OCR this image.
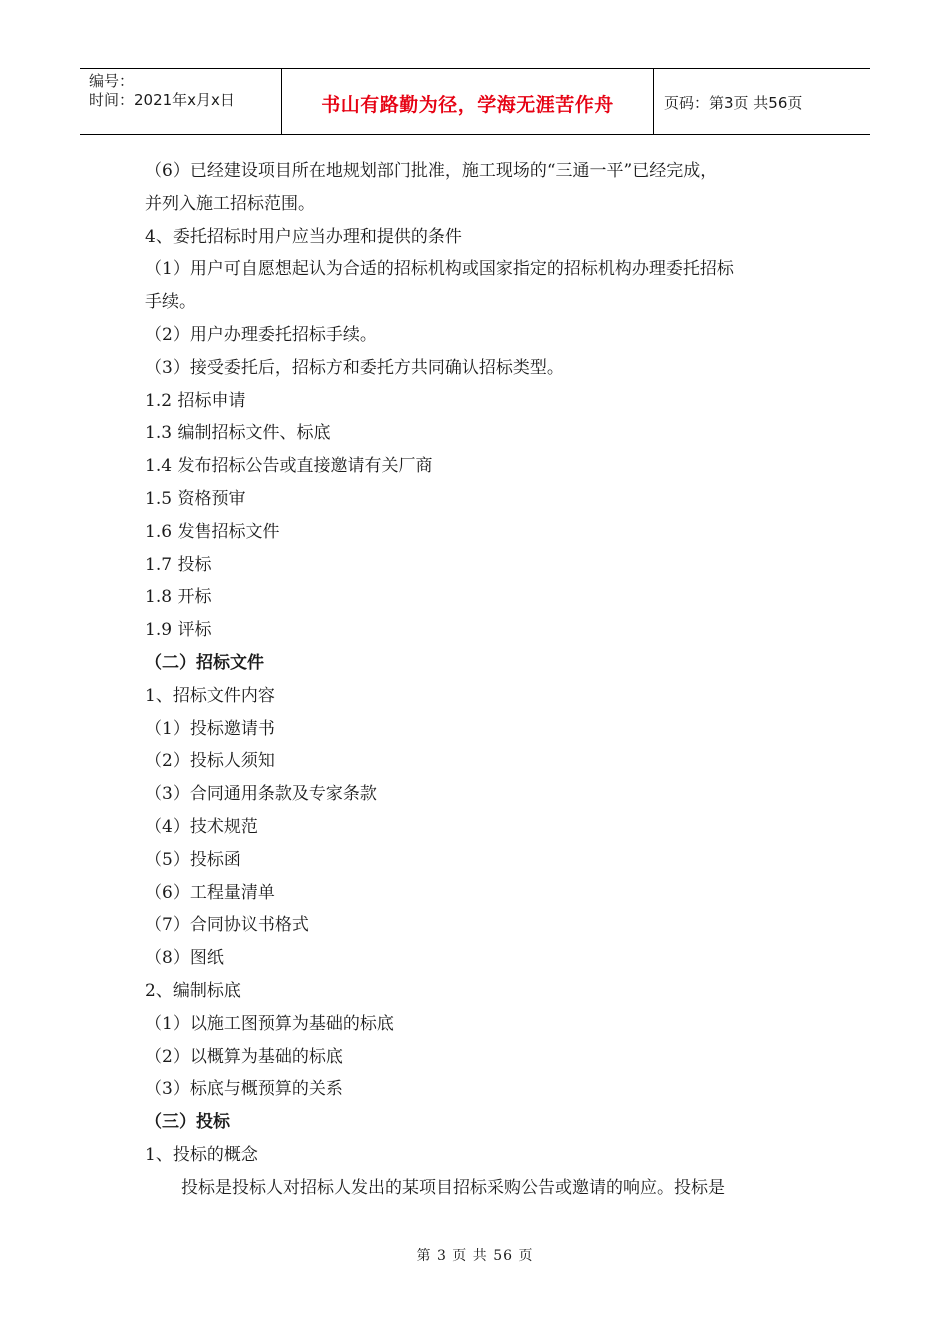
编号：
时间：2021年x月x日	书山有路勤为径，学海无涯苦作舟	页码：第3页 共56页
（6）已经建设项目所在地规划部门批准，施工现场的“三通一平”已经完成，
并列入施工招标范围。
4、委托招标时用户应当办理和提供的条件
（1）用户可自愿想起认为合适的招标机构或国家指定的招标机构办理委托招标
手续。
（2）用户办理委托招标手续。
（3）接受委托后，招标方和委托方共同确认招标类型。
1.2 招标申请
1.3 编制招标文件、标底
1.4 发布招标公告或直接邀请有关厂商
1.5 资格预审
1.6 发售招标文件
1.7 投标
1.8 开标
1.9 评标
（二）招标文件
1、招标文件内容
（1）投标邀请书
（2）投标人须知
（3）合同通用条款及专家条款
（4）技术规范
（5）投标函
（6）工程量清单
（7）合同协议书格式
（8）图纸
2、编制标底
（1）以施工图预算为基础的标底
（2）以概算为基础的标底
（3）标底与概预算的关系
（三）投标
1、投标的概念
投标是投标人对招标人发出的某项目招标采购公告或邀请的响应。投标是
第 3 页 共 56 页
